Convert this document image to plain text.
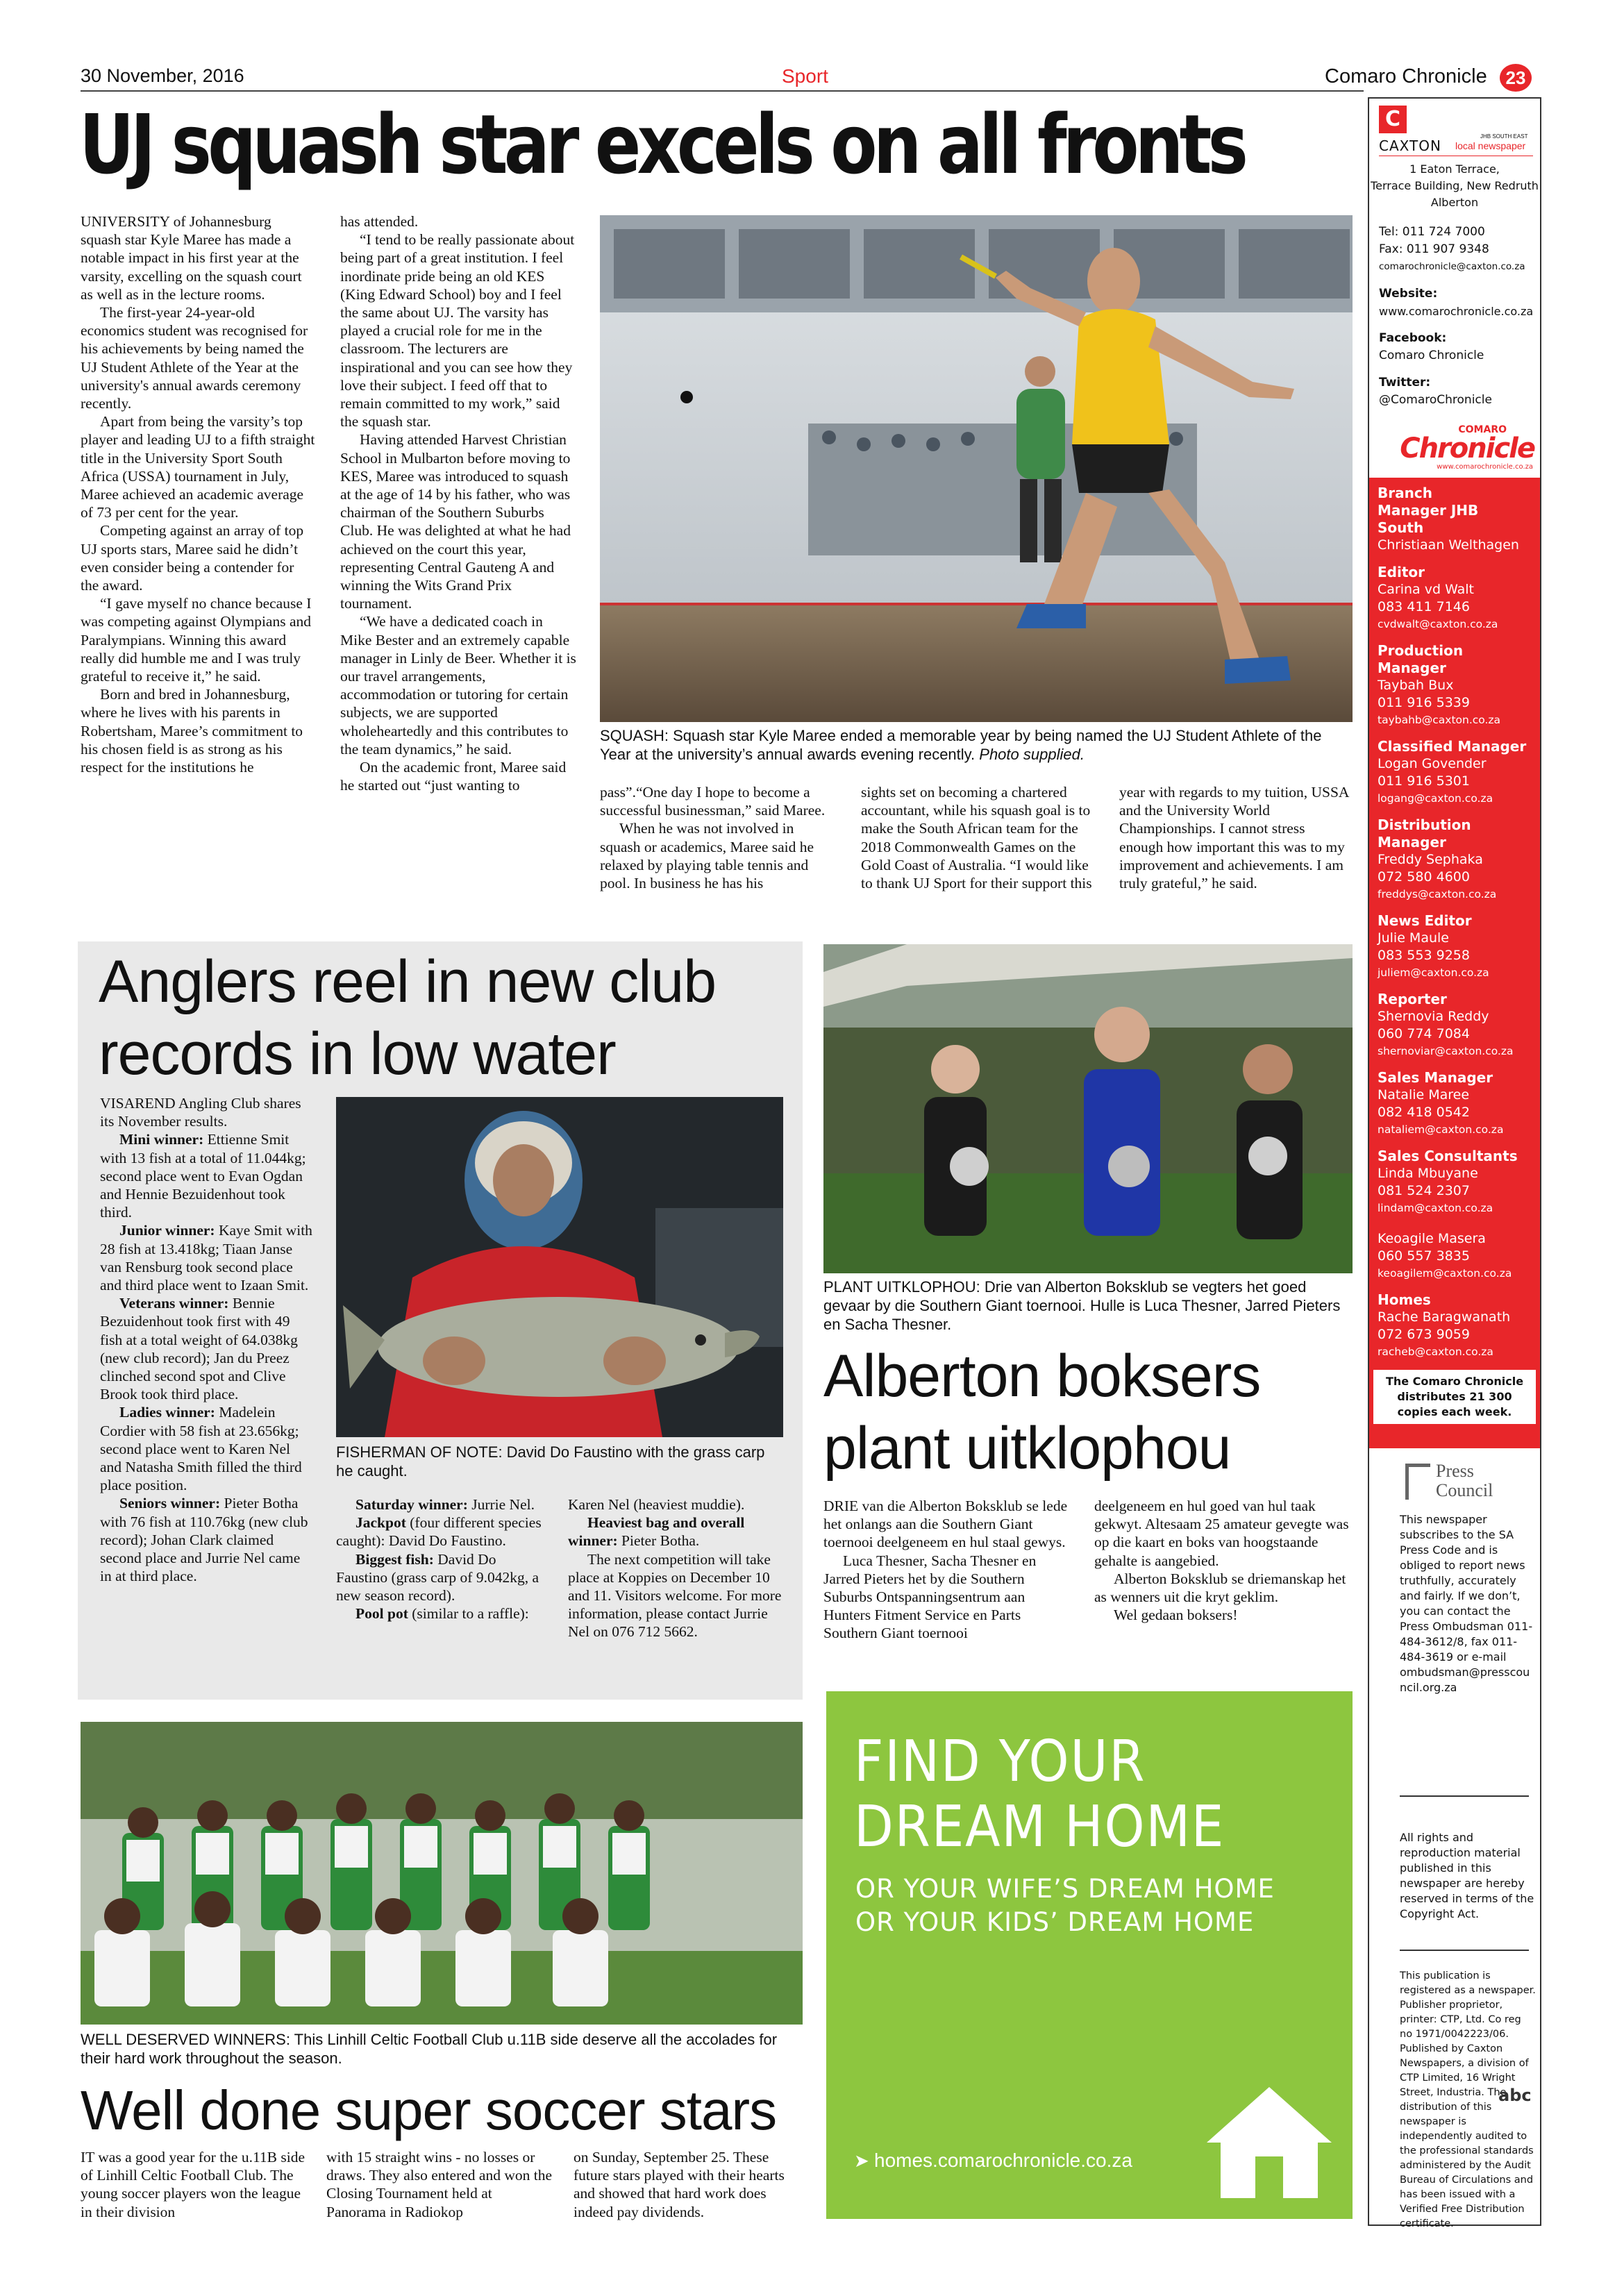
30 November, 2016	Sport	Comaro Chronicle	23
UJ squash star excels on all fronts

UNIVERSITY of Johannesburg squash star Kyle Maree has made a notable impact in his first year at the varsity, excelling on the squash court as well as in the lecture rooms.

The first-year 24-year-old economics student was recognised for his achievements by being named the UJ Student Athlete of the Year at the university's annual awards ceremony recently.

Apart from being the varsity’s top player and leading UJ to a fifth straight title in the University Sport South Africa (USSA) tournament in July, Maree achieved an academic average of 73 per cent for the year.

Competing against an array of top UJ sports stars, Maree said he didn’t even consider being a contender for the award.

“I gave myself no chance because I was competing against Olympians and Paralympians. Winning this award really did humble me and I was truly grateful to receive it,” he said.

Born and bred in Johannesburg, where he lives with his parents in Robertsham, Maree’s commitment to his chosen field is as strong as his respect for the institutions he

has attended.

“I tend to be really passionate about being part of a great institution. I feel inordinate pride being an old KES (King Edward School) boy and I feel the same about UJ. The varsity has played a crucial role for me in the classroom. The lecturers are inspirational and you can see how they love their subject. I feed off that to remain committed to my work,” said the squash star.

Having attended Harvest Christian School in Mulbarton before moving to KES, Maree was introduced to squash at the age of 14 by his father, who was chairman of the Southern Suburbs Club. He was delighted at what he had achieved on the court this year, representing Central Gauteng A and winning the Wits Grand Prix tournament.

“We have a dedicated coach in Mike Bester and an extremely capable manager in Linly de Beer. Whether it is our travel arrangements, accommodation or tutoring for certain subjects, we are supported wholeheartedly and this contributes to the team dynamics,” he said.

On the academic front, Maree said he started out “just wanting to

SQUASH: Squash star Kyle Maree ended a memorable year by being named the UJ Student Athlete of the Year at the university’s annual awards evening recently. Photo supplied.

pass”.“One day I hope to become a successful businessman,” said Maree.

When he was not involved in squash or academics, Maree said he relaxed by playing table tennis and pool. In business he has his

sights set on becoming a chartered accountant, while his squash goal is to make the South African team for the 2018 Commonwealth Games on the Gold Coast of Australia. “I would like to thank UJ Sport for their support this

year with regards to my tuition, USSA and the University World Championships. I cannot stress enough how important this was to my improvement and achievements. I am truly grateful,” he said.

Anglers reel in new club records in low water

VISAREND Angling Club shares its November results.

Mini winner: Ettienne Smit with 13 fish at a total of 11.044kg; second place went to Evan Ogdan and Hennie Bezuidenhout took third.

Junior winner: Kaye Smit with 28 fish at 13.418kg; Tiaan Janse van Rensburg took second place and third place went to Izaan Smit.

Veterans winner: Bennie Bezuidenhout took first with 49 fish at a total weight of 64.038kg (new club record); Jan du Preez clinched second spot and Clive Brook took third place.

Ladies winner: Madelein Cordier with 58 fish at 23.656kg; second place went to Karen Nel and Natasha Smith filled the third place position.

Seniors winner: Pieter Botha with 76 fish at 110.76kg (new club record); Johan Clark claimed second place and Jurrie Nel came in at third place.

FISHERMAN OF NOTE: David Do Faustino with the grass carp he caught.

Saturday winner: Jurrie Nel.

Jackpot (four different species caught): David Do Faustino.

Biggest fish: David Do Faustino (grass carp of 9.042kg, a new season record).

Pool pot (similar to a raffle):

Karen Nel (heaviest muddie).

Heaviest bag and overall winner: Pieter Botha.

The next competition will take place at Koppies on December 10 and 11. Visitors welcome. For more information, please contact Jurrie Nel on 076 712 5662.

PLANT UITKLOPHOU: Drie van Alberton Boksklub se vegters het goed gevaar by die Southern Giant toernooi. Hulle is Luca Thesner, Jarred Pieters en Sacha Thesner.
Alberton boksers plant uitklophou

DRIE van die Alberton Boksklub se lede het onlangs aan die Southern Giant toernooi deelgeneem en hul staal gewys.

Luca Thesner, Sacha Thesner en Jarred Pieters het by die Southern Suburbs Ontspanningsentrum aan Hunters Fitment Service en Parts Southern Giant toernooi

deelgeneem en hul goed van hul taak gekwyt. Altesaam 25 amateur gevegte was op die kaart en boks van hoogstaande gehalte is aangebied.

Alberton Boksklub se driemanskap het as wenners uit die kryt geklim.

Wel gedaan boksers!

WELL DESERVED WINNERS: This Linhill Celtic Football Club u.11B side deserve all the accolades for their hard work throughout the season.
Well done super soccer stars

IT was a good year for the u.11B side of Linhill Celtic Football Club. The young soccer players won the league in their division

with 15 straight wins - no losses or draws. They also entered and won the Closing Tournament held at Panorama in Radiokop

on Sunday, September 25. These future stars played with their hearts and showed that hard work does indeed pay dividends.

FIND YOUR
DREAM HOME
OR YOUR WIFE’S DREAM HOME
OR YOUR KIDS’ DREAM HOME
➤ homes.comarochronicle.co.za
C
JHB SOUTH EAST
CAXTON local newspaper
1 Eaton Terrace,
Terrace Building, New Redruth
Alberton
Tel: 011 724 7000
Fax: 011 907 9348
comarochronicle@caxton.co.za
Website:
www.comarochronicle.co.za
Facebook:
Comaro Chronicle
Twitter:
@ComaroChronicle
COMARO
Chronicle
www.comarochronicle.co.za
Branch Manager JHB South
Christiaan Welthagen
Editor
Carina vd Walt
083 411 7146
cvdwalt@caxton.co.za
Production Manager
Taybah Bux
011 916 5339
taybahb@caxton.co.za
Classified Manager
Logan Govender
011 916 5301
logang@caxton.co.za
Distribution Manager
Freddy Sephaka
072 580 4600
freddys@caxton.co.za
News Editor
Julie Maule
083 553 9258
juliem@caxton.co.za
Reporter
Shernovia Reddy
060 774 7084
shernoviar@caxton.co.za
Sales Manager
Natalie Maree
082 418 0542
nataliem@caxton.co.za
Sales Consultants
Linda Mbuyane
081 524 2307
lindam@caxton.co.za
Keoagile Masera
060 557 3835
keoagilem@caxton.co.za
Homes
Rache Baragwanath
072 673 9059
racheb@caxton.co.za
The Comaro Chronicle distributes 21 300 copies each week.
Press
Council
This newspaper subscribes to the SA Press Code and is obliged to report news truthfully, accurately and fairly. If we don’t, you can contact the Press Ombudsman 011-484-3612/8, fax 011-484-3619 or e-mail ombudsman@presscouncil.org.za
All rights and reproduction material published in this newspaper are hereby reserved in terms of the Copyright Act.
This publication is registered as a newspaper. Publisher proprietor, printer: CTP, Ltd. Co reg no 1971/0042223/06. Published by Caxton Newspapers, a division of CTP Limited, 16 Wright Street, Industria. The distribution of this newspaper is independently audited to the professional standards administered by the Audit Bureau of Circulations and has been issued with a Verified Free Distribution certificate.
abc
